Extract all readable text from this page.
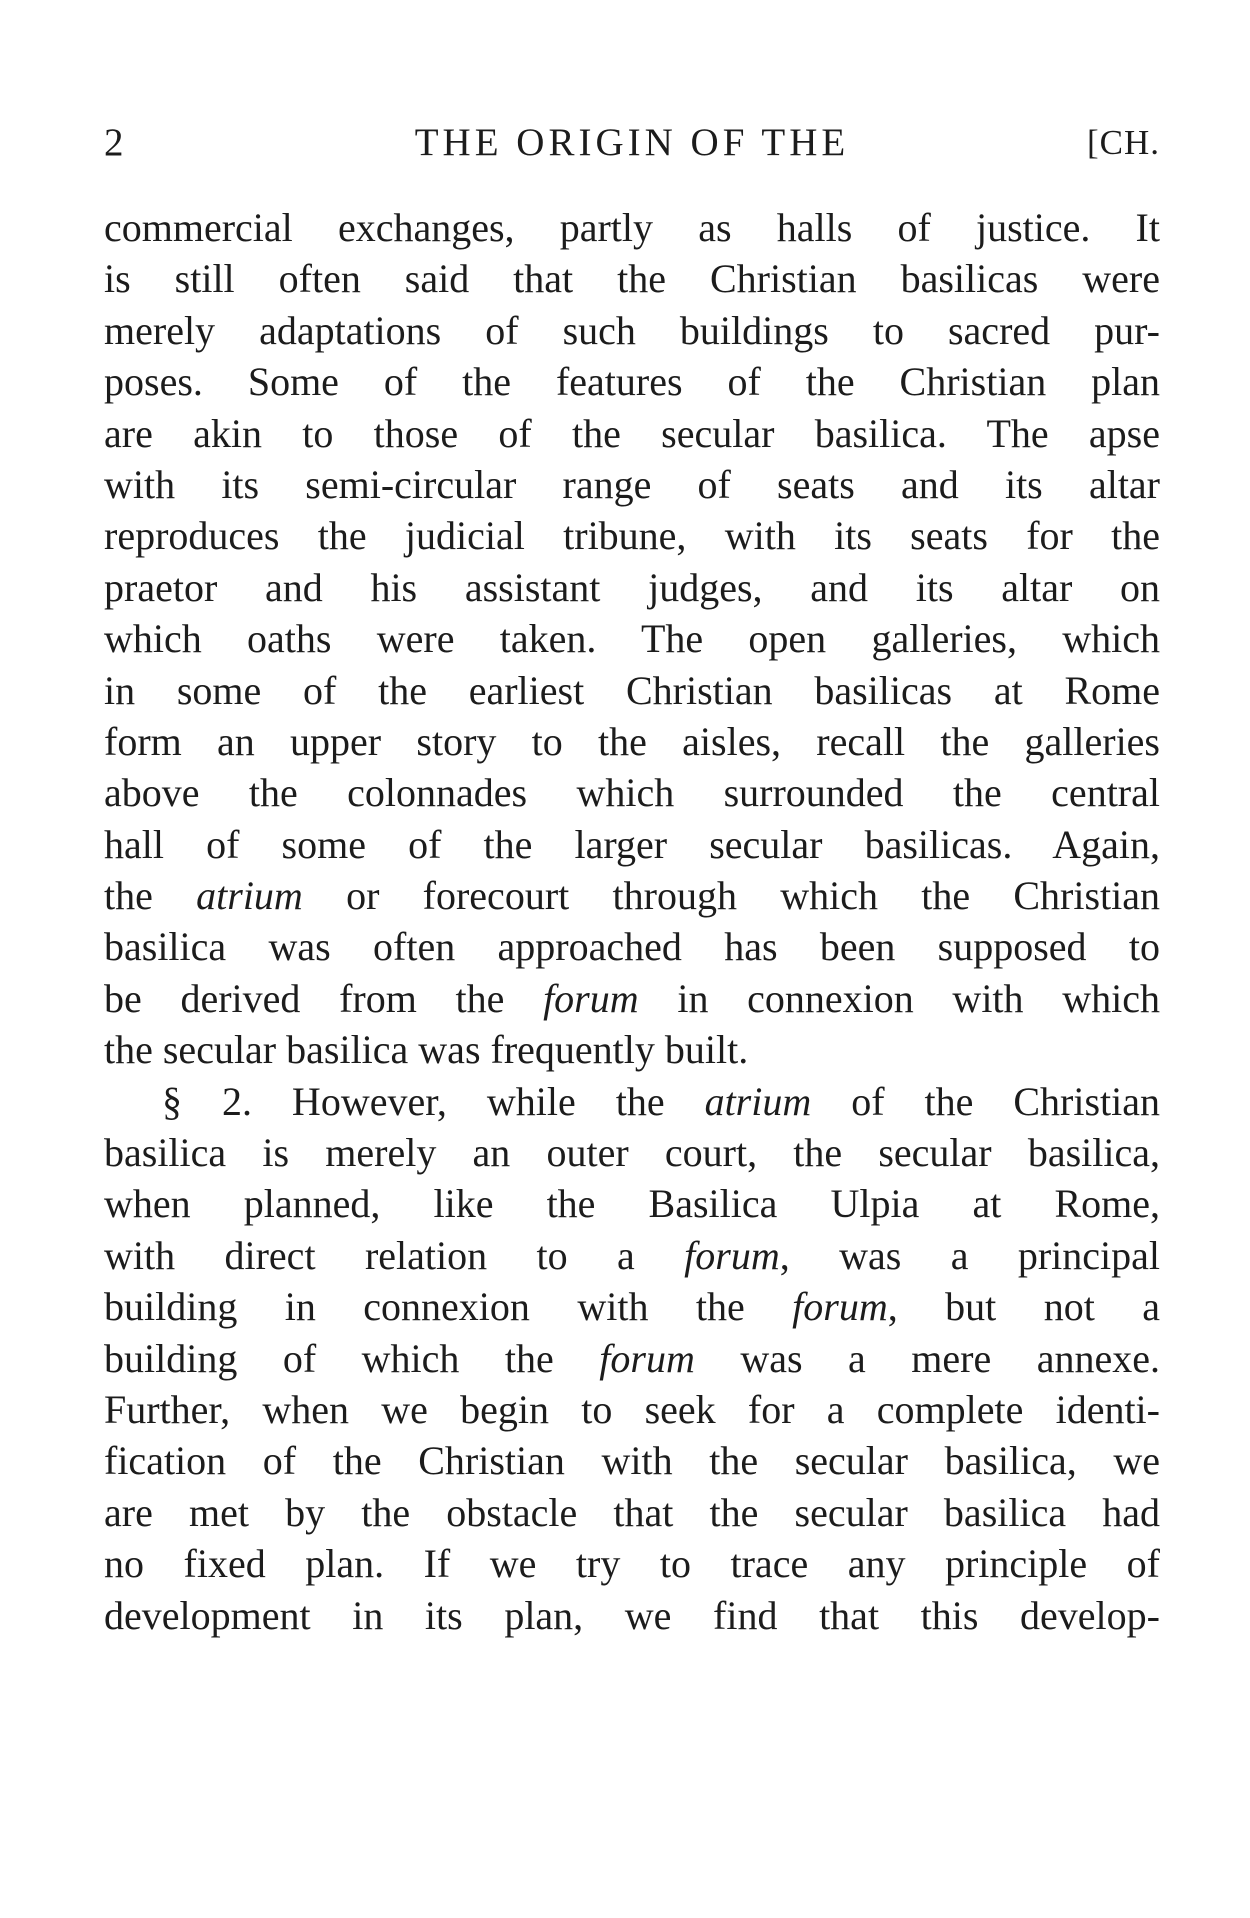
2	THE ORIGIN OF THE	[CH.
commercial exchanges, partly as halls of justice. It
is still often said that the Christian basilicas were
merely adaptations of such buildings to sacred pur-
poses. Some of the features of the Christian plan
are akin to those of the secular basilica. The apse
with its semi-circular range of seats and its altar
reproduces the judicial tribune, with its seats for the
praetor and his assistant judges, and its altar on
which oaths were taken. The open galleries, which
in some of the earliest Christian basilicas at Rome
form an upper story to the aisles, recall the galleries
above the colonnades which surrounded the central
hall of some of the larger secular basilicas. Again,
the atrium or forecourt through which the Christian
basilica was often approached has been supposed to
be derived from the forum in connexion with which
the secular basilica was frequently built.
§ 2. However, while the atrium of the Christian
basilica is merely an outer court, the secular basilica,
when planned, like the Basilica Ulpia at Rome,
with direct relation to a forum, was a principal
building in connexion with the forum, but not a
building of which the forum was a mere annexe.
Further, when we begin to seek for a complete identi-
fication of the Christian with the secular basilica, we
are met by the obstacle that the secular basilica had
no fixed plan. If we try to trace any principle of
development in its plan, we find that this develop-
